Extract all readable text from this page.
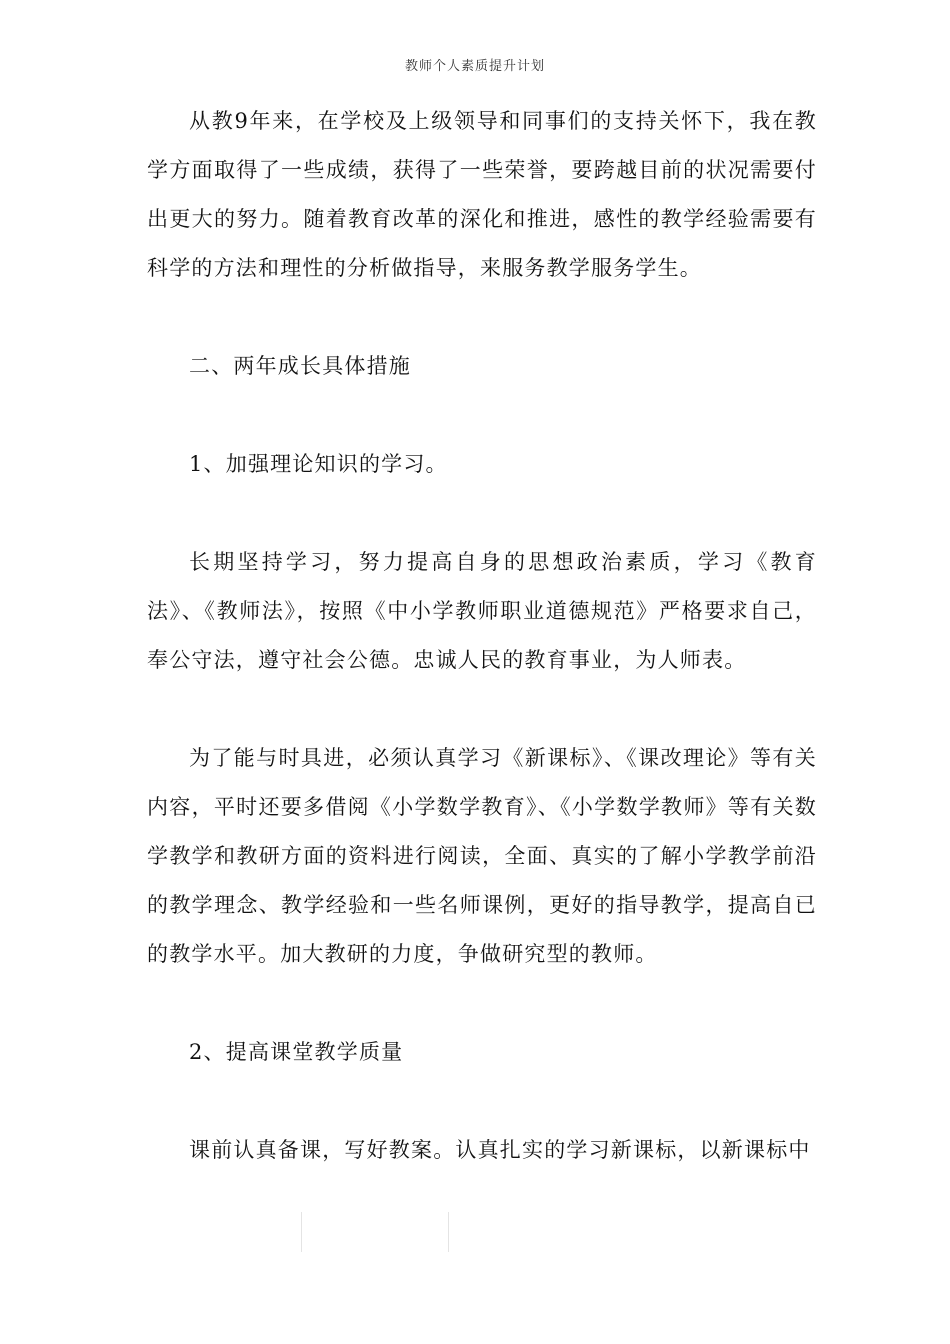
教师个人素质提升计划

从教9年来，在学校及上级领导和同事们的支持关怀下，我在教学方面取得了一些成绩，获得了一些荣誉，要跨越目前的状况需要付出更大的努力。随着教育改革的深化和推进，感性的教学经验需要有科学的方法和理性的分析做指导，来服务教学服务学生。

二、两年成长具体措施

1、加强理论知识的学习。

长期坚持学习，努力提高自身的思想政治素质，学习《教育法》、《教师法》，按照《中小学教师职业道德规范》严格要求自己，奉公守法，遵守社会公德。忠诚人民的教育事业，为人师表。

为了能与时具进，必须认真学习《新课标》、《课改理论》等有关内容，平时还要多借阅《小学数学教育》、《小学数学教师》等有关数学教学和教研方面的资料进行阅读，全面、真实的了解小学教学前沿的教学理念、教学经验和一些名师课例，更好的指导教学，提高自已的教学水平。加大教研的力度，争做研究型的教师。

2、提高课堂教学质量

课前认真备课，写好教案。认真扎实的学习新课标，以新课标中
